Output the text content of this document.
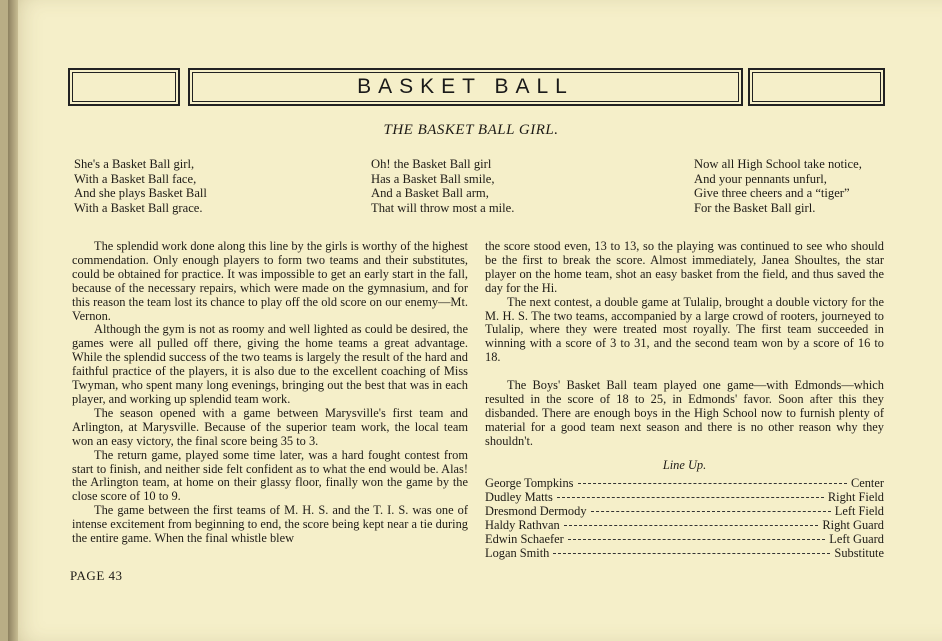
BASKET BALL
THE BASKET BALL GIRL.
She's a Basket Ball girl,
With a Basket Ball face,
And she plays Basket Ball
With a Basket Ball grace.
Oh! the Basket Ball girl
Has a Basket Ball smile,
And a Basket Ball arm,
That will throw most a mile.
Now all High School take notice,
And your pennants unfurl,
Give three cheers and a “tiger”
For the Basket Ball girl.

The splendid work done along this line by the girls is worthy of the highest commendation. Only enough players to form two teams and their substitutes, could be obtained for practice. It was impossible to get an early start in the fall, because of the necessary repairs, which were made on the gymnasium, and for this reason the team lost its chance to play off the old score on our enemy—Mt. Vernon.

Although the gym is not as roomy and well lighted as could be desired, the games were all pulled off there, giving the home teams a great advantage. While the splendid success of the two teams is largely the result of the hard and faithful practice of the players, it is also due to the excellent coaching of Miss Twyman, who spent many long evenings, bringing out the best that was in each player, and working up splendid team work.

The season opened with a game between Marysville's first team and Arlington, at Marysville. Because of the superior team work, the local team won an easy victory, the final score being 35 to 3.

The return game, played some time later, was a hard fought contest from start to finish, and neither side felt confident as to what the end would be. Alas! the Arlington team, at home on their glassy floor, finally won the game by the close score of 10 to 9.

The game between the first teams of M. H. S. and the T. I. S. was one of intense excitement from beginning to end, the score being kept near a tie during the entire game. When the final whistle blew

the score stood even, 13 to 13, so the playing was continued to see who should be the first to break the score. Almost immediately, Janea Shoultes, the star player on the home team, shot an easy basket from the field, and thus saved the day for the Hi.

The next contest, a double game at Tulalip, brought a double victory for the M. H. S. The two teams, accompanied by a large crowd of rooters, journeyed to Tulalip, where they were treated most royally. The first team succeeded in winning with a score of 3 to 31, and the second team won by a score of 16 to 18.

The Boys' Basket Ball team played one game—with Edmonds—which resulted in the score of 18 to 25, in Edmonds' favor. Soon after this they disbanded. There are enough boys in the High School now to furnish plenty of material for a good team next season and there is no other reason why they shouldn't.

Line Up.
George Tompkins	Center
Dudley Matts	Right Field
Dresmond Dermody	Left Field
Haldy Rathvan	Right Guard
Edwin Schaefer	Left Guard
Logan Smith	Substitute
PAGE 43
